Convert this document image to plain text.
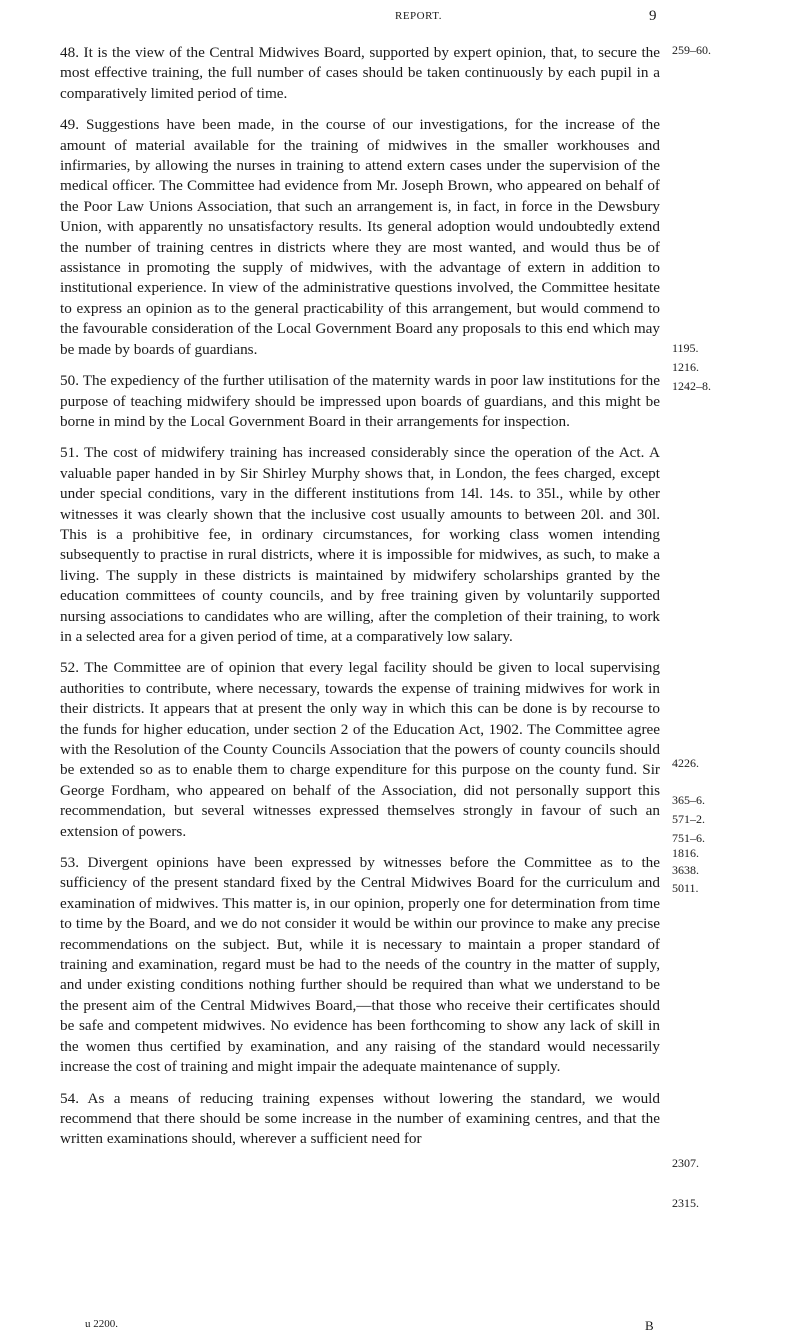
REPORT.	9

48. It is the view of the Central Midwives Board, supported by expert opinion, that, to secure the most effective training, the full number of cases should be taken continuously by each pupil in a comparatively limited period of time.

49. Suggestions have been made, in the course of our investigations, for the increase of the amount of material available for the training of midwives in the smaller workhouses and infirmaries, by allowing the nurses in training to attend extern cases under the supervision of the medical officer. The Committee had evidence from Mr. Joseph Brown, who appeared on behalf of the Poor Law Unions Association, that such an arrangement is, in fact, in force in the Dewsbury Union, with apparently no unsatisfactory results. Its general adoption would undoubtedly extend the number of training centres in districts where they are most wanted, and would thus be of assistance in promoting the supply of midwives, with the advantage of extern in addition to institutional experience. In view of the administrative questions involved, the Committee hesitate to express an opinion as to the general practicability of this arrangement, but would commend to the favourable consideration of the Local Government Board any proposals to this end which may be made by boards of guardians.

50. The expediency of the further utilisation of the maternity wards in poor law institutions for the purpose of teaching midwifery should be impressed upon boards of guardians, and this might be borne in mind by the Local Government Board in their arrangements for inspection.

51. The cost of midwifery training has increased considerably since the operation of the Act. A valuable paper handed in by Sir Shirley Murphy shows that, in London, the fees charged, except under special conditions, vary in the different institutions from 14l. 14s. to 35l., while by other witnesses it was clearly shown that the inclusive cost usually amounts to between 20l. and 30l. This is a prohibitive fee, in ordinary circumstances, for working class women intending subsequently to practise in rural districts, where it is impossible for midwives, as such, to make a living. The supply in these districts is maintained by midwifery scholarships granted by the education committees of county councils, and by free training given by voluntarily supported nursing associations to candidates who are willing, after the completion of their training, to work in a selected area for a given period of time, at a comparatively low salary.

52. The Committee are of opinion that every legal facility should be given to local supervising authorities to contribute, where necessary, towards the expense of training midwives for work in their districts. It appears that at present the only way in which this can be done is by recourse to the funds for higher education, under section 2 of the Education Act, 1902. The Committee agree with the Resolution of the County Councils Association that the powers of county councils should be extended so as to enable them to charge expenditure for this purpose on the county fund. Sir George Fordham, who appeared on behalf of the Association, did not personally support this recommendation, but several witnesses expressed themselves strongly in favour of such an extension of powers.

53. Divergent opinions have been expressed by witnesses before the Committee as to the sufficiency of the present standard fixed by the Central Midwives Board for the curriculum and examination of midwives. This matter is, in our opinion, properly one for determination from time to time by the Board, and we do not consider it would be within our province to make any precise recommendations on the subject. But, while it is necessary to maintain a proper standard of training and examination, regard must be had to the needs of the country in the matter of supply, and under existing conditions nothing further should be required than what we understand to be the present aim of the Central Midwives Board,—that those who receive their certificates should be safe and competent midwives. No evidence has been forthcoming to show any lack of skill in the women thus certified by examination, and any raising of the standard would necessarily increase the cost of training and might impair the adequate maintenance of supply.

54. As a means of reducing training expenses without lowering the standard, we would recommend that there should be some increase in the number of examining centres, and that the written examinations should, wherever a sufficient need for

259–60.
1195.
1216.
1242–8.
4226.
365–6.
571–2.
751–6.
1816.
3638.
5011.
2307.
2315.
u 2200.	B
